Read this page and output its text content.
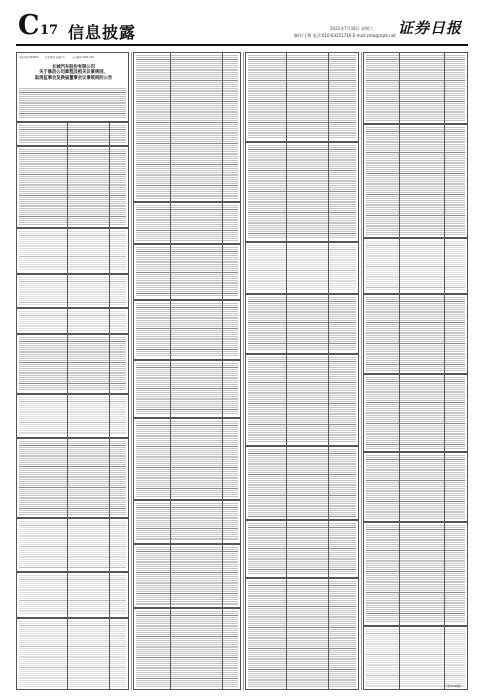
C 17 信息披露	2022年7月16日 星期六
制作/王敬 电话:010-83251716 E-mail:zmb@zqrb.net 证券日报
证券代码:601633	证券简称:长城汽车	公告编号:2022-101
长城汽车股份有限公司
关于修改公司章程及相关议事规则、
取消监事会及换届董事会议事规则的公告
(下转C18版)
